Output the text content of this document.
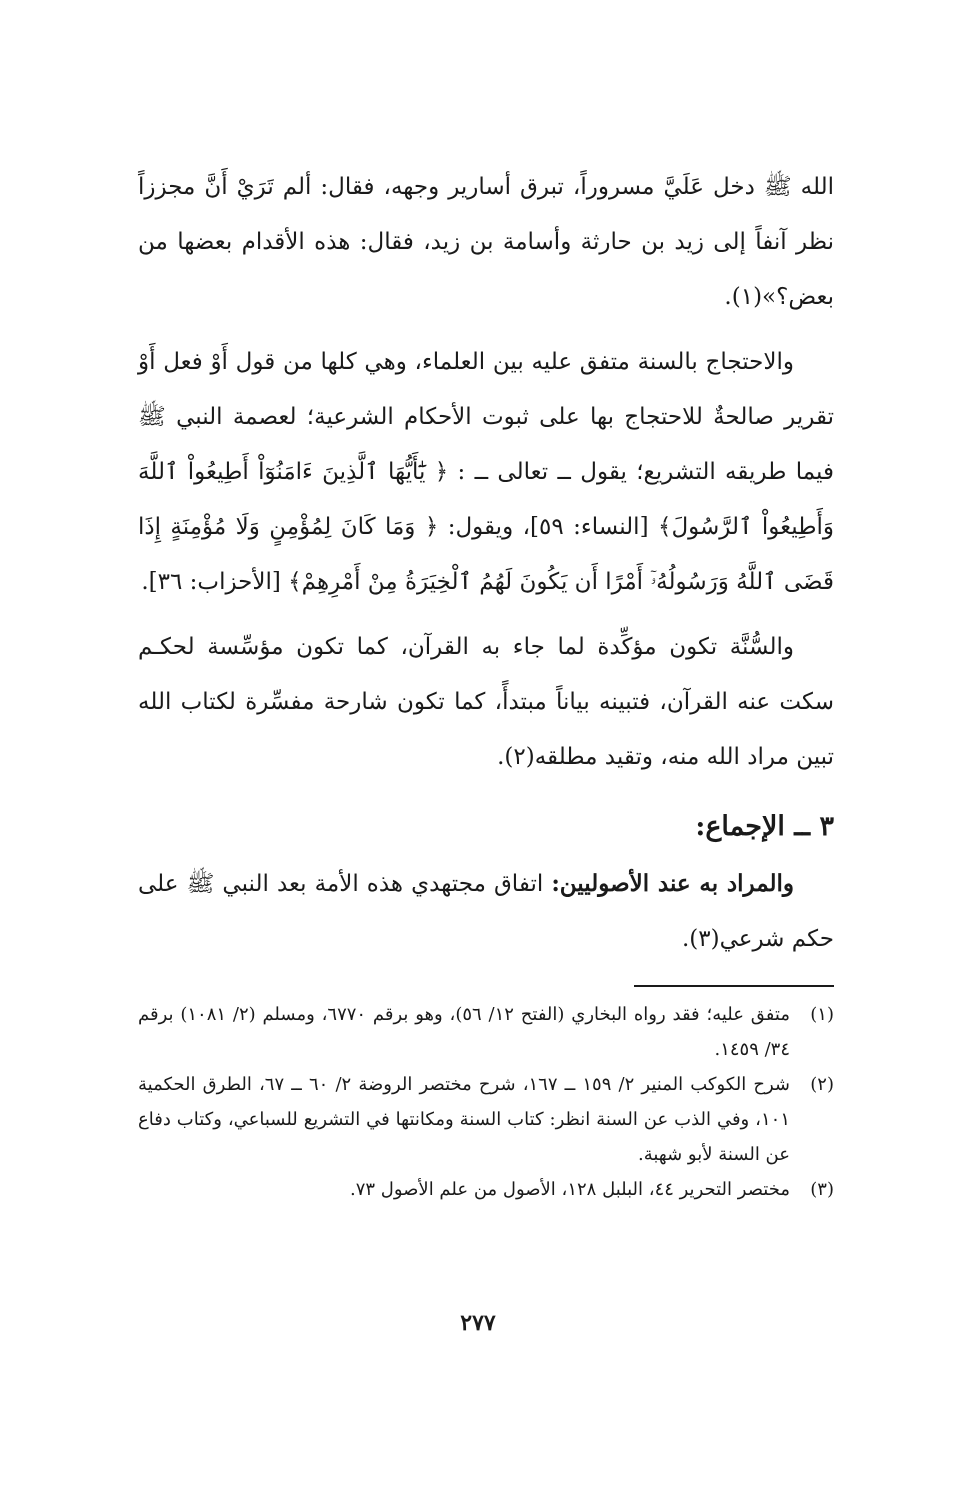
الله ﷺ دخل عَلَيَّ مسروراً، تبرق أسارير وجهه، فقال: ألم تَرَيْ أَنَّ مجززاً نظر آنفاً إلى زيد بن حارثة وأسامة بن زيد، فقال: هذه الأقدام بعضها من بعض؟»(١).

والاحتجاج بالسنة متفق عليه بين العلماء، وهي كلها من قول أَوْ فعل أَوْ تقرير صالحةٌ للاحتجاج بها على ثبوت الأحكام الشرعية؛ لعصمة النبي ﷺ فيما طريقه التشريع؛ يقول ــ تعالى ــ : ﴿ يَٰٓأَيُّهَا ٱلَّذِينَ ءَامَنُوٓاْ أَطِيعُواْ ٱللَّهَ وَأَطِيعُواْ ٱلرَّسُولَ﴾ [النساء: ٥٩]، ويقول: ﴿ وَمَا كَانَ لِمُؤْمِنٍ وَلَا مُؤْمِنَةٍ إِذَا قَضَى ٱللَّهُ وَرَسُولُهُۥٓ أَمْرًا أَن يَكُونَ لَهُمُ ٱلْخِيَرَةُ مِنْ أَمْرِهِمْ﴾ [الأحزاب: ٣٦].

والسُّنَّة تكون مؤكِّدة لما جاء به القرآن، كما تكون مؤسِّسة لحكـم سكت عنه القرآن، فتبينه بياناً مبتدأً، كما تكون شارحة مفسِّرة لكتاب الله تبين مراد الله منه، وتقيد مطلقه(٢).

٣ ــ الإجماع:

والمراد به عند الأصوليين: اتفاق مجتهدي هذه الأمة بعد النبي ﷺ على حكم شرعي(٣).

(١)
متفق عليه؛ فقد رواه البخاري (الفتح ١٢/ ٥٦)، وهو برقم ٦٧٧٠، ومسلم (٢/ ١٠٨١) برقم ٣٤/ ١٤٥٩.
(٢)
شرح الكوكب المنير ٢/ ١٥٩ ــ ١٦٧، شرح مختصر الروضة ٢/ ٦٠ ــ ٦٧، الطرق الحكمية ١٠١، وفي الذب عن السنة انظر: كتاب السنة ومكانتها في التشريع للسباعي، وكتاب دفاع عن السنة لأبو شهبة.
(٣)
مختصر التحرير ٤٤، البلبل ١٢٨، الأصول من علم الأصول ٧٣.
٢٧٧
